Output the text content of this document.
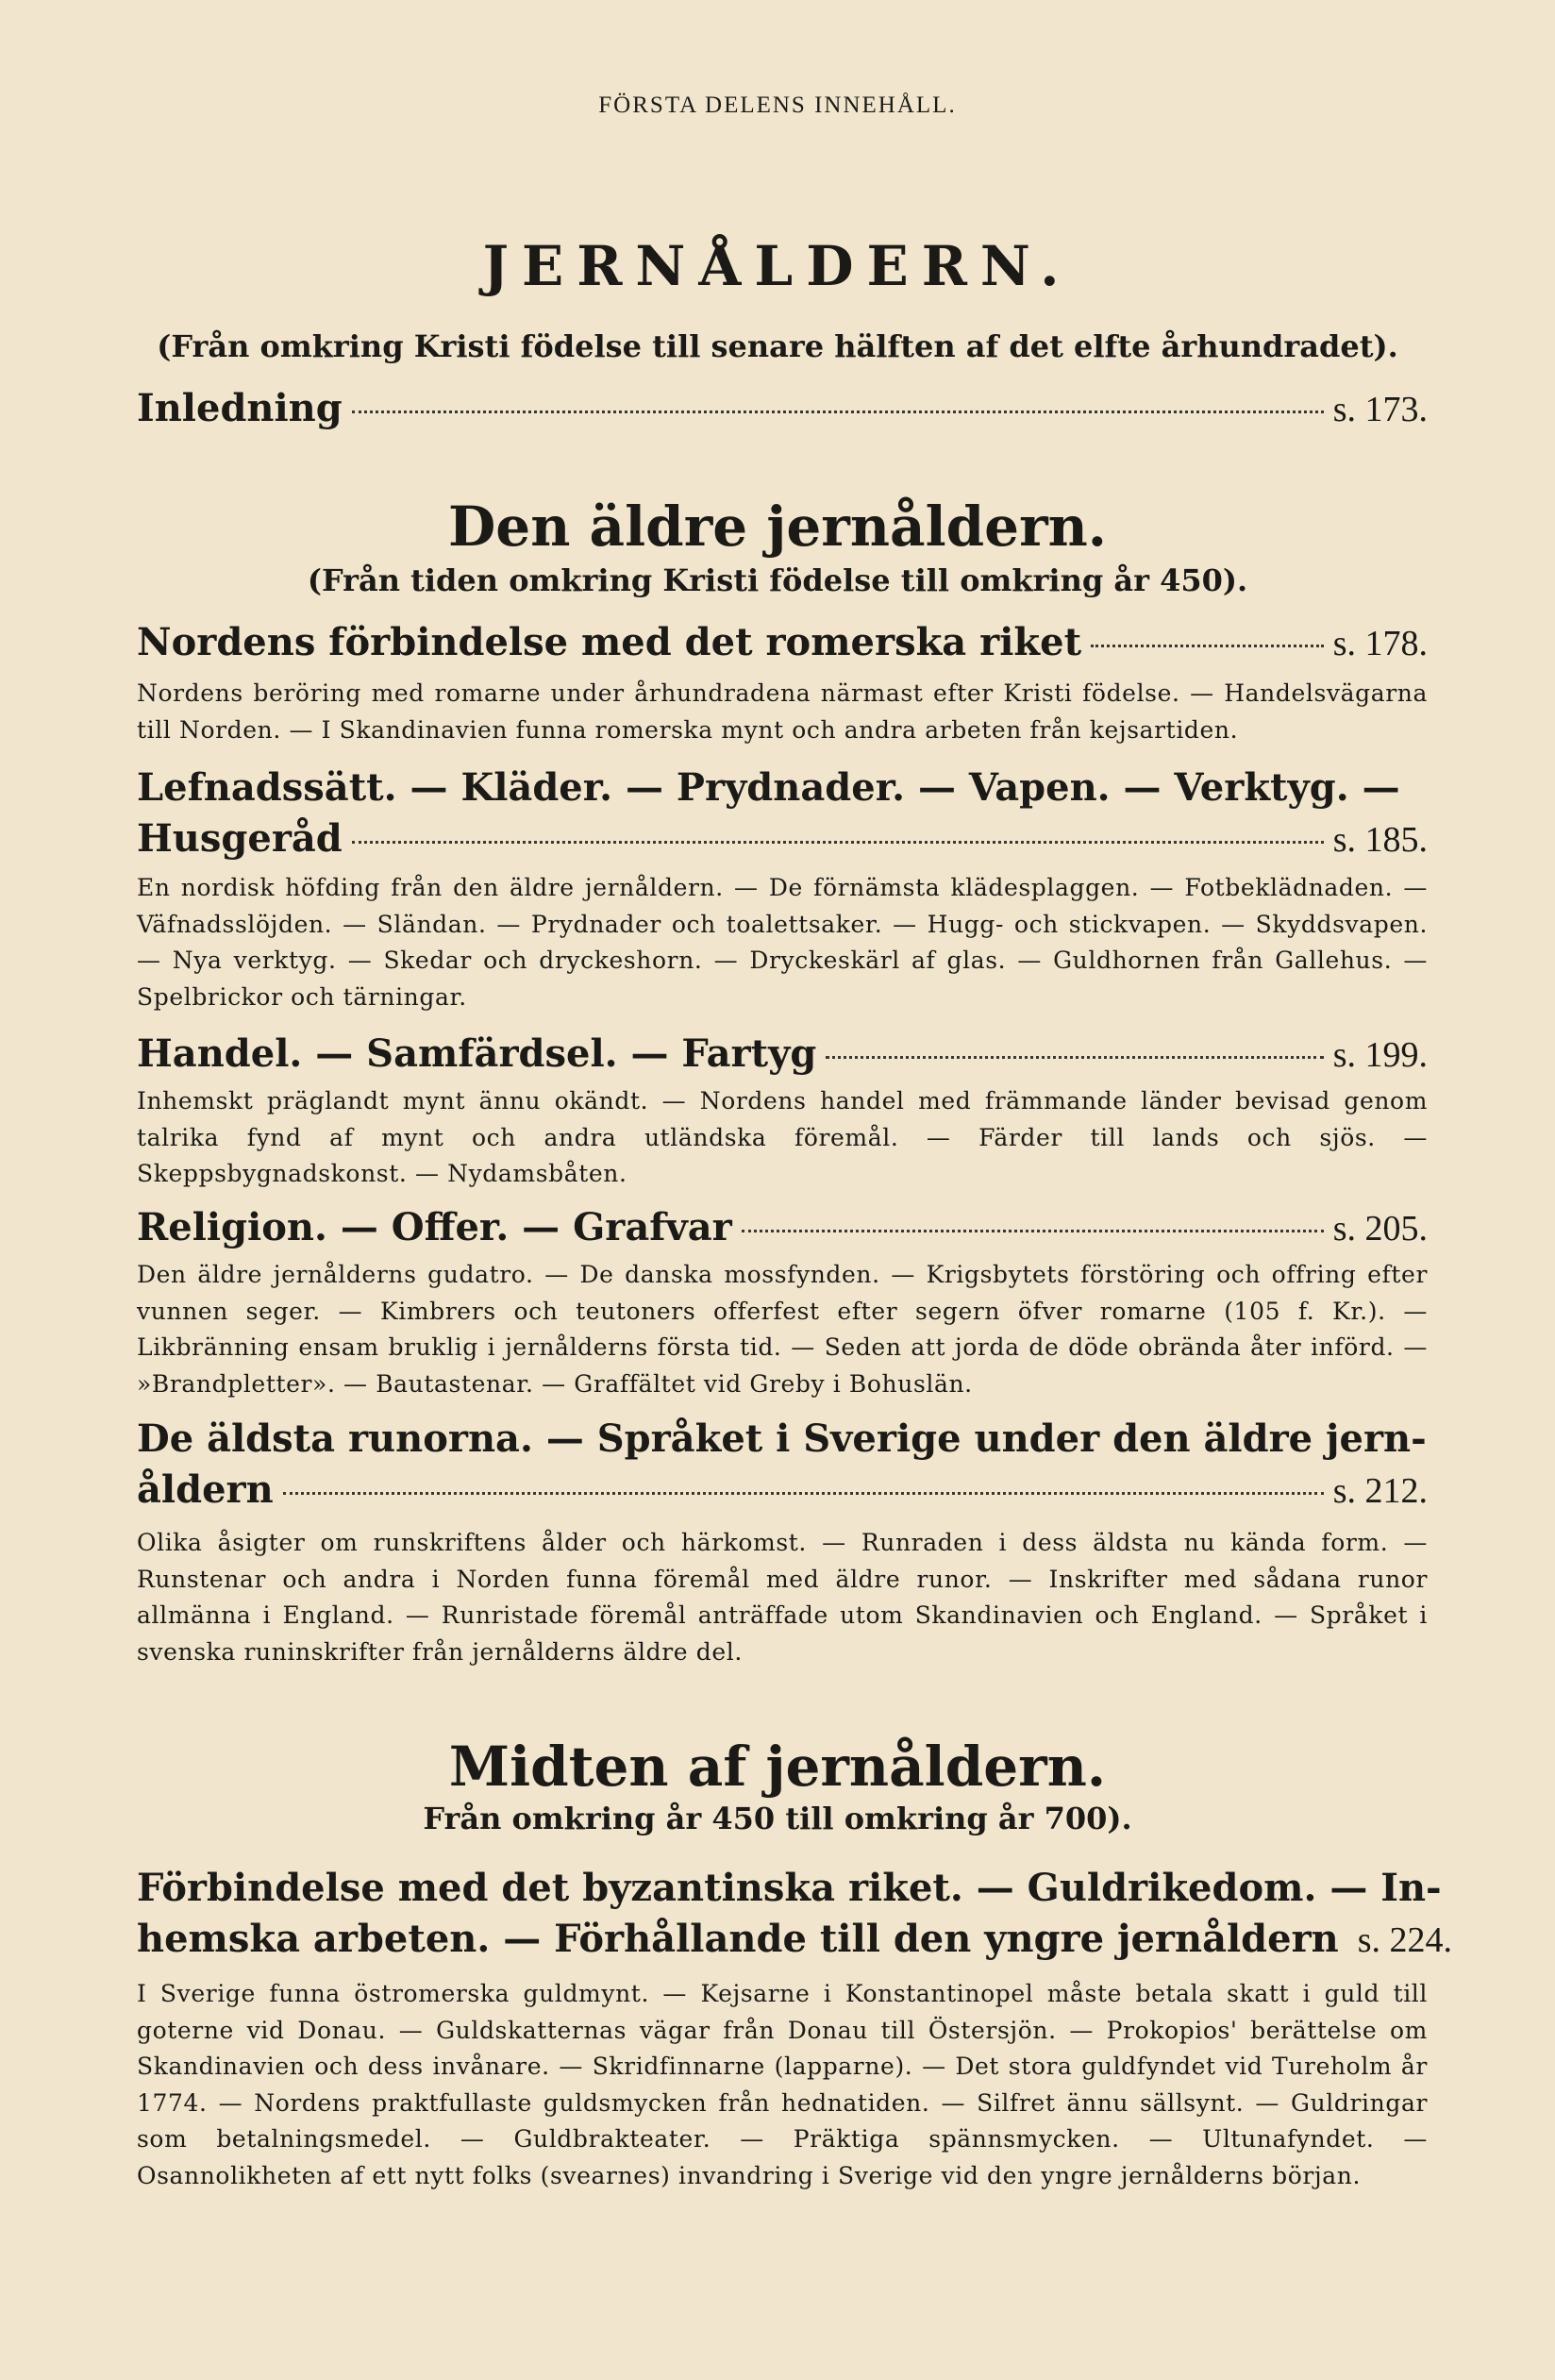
FÖRSTA DELENS INNEHÅLL.
JERNÅLDERN.
(Från omkring Kristi födelse till senare hälften af det elfte århundradet).
Inledning	s. 173.
Den äldre jernåldern.
(Från tiden omkring Kristi födelse till omkring år 450).
Nordens förbindelse med det romerska riket	s. 178.
Nordens beröring med romarne under århundradena närmast efter Kristi födelse. — Handelsvägarna till Norden. — I Skandinavien funna romerska mynt och andra arbeten från kejsartiden.
Lefnadssätt. — Kläder. — Prydnader. — Vapen. — Verktyg. —
Husgeråd	s. 185.
En nordisk höfding från den äldre jernåldern. — De förnämsta klädesplaggen. — Fotbeklädnaden. — Väfnadsslöjden. — Sländan. — Prydnader och toalettsaker. — Hugg- och stickvapen. — Skyddsvapen. — Nya verktyg. — Skedar och dryckeshorn. — Dryckeskärl af glas. — Guldhornen från Gallehus. — Spelbrickor och tärningar.
Handel. — Samfärdsel. — Fartyg	s. 199.
Inhemskt präglandt mynt ännu okändt. — Nordens handel med främmande länder bevisad genom talrika fynd af mynt och andra utländska föremål. — Färder till lands och sjös. — Skeppsbygnadskonst. — Nydamsbåten.
Religion. — Offer. — Grafvar	s. 205.
Den äldre jernålderns gudatro. — De danska mossfynden. — Krigsbytets förstöring och offring efter vunnen seger. — Kimbrers och teutoners offerfest efter segern öfver romarne (105 f. Kr.). — Likbränning ensam bruklig i jernålderns första tid. — Seden att jorda de döde obrända åter införd. — »Brandpletter». — Bautastenar. — Graffältet vid Greby i Bohuslän.
De äldsta runorna. — Språket i Sverige under den äldre jern-
åldern	s. 212.
Olika åsigter om runskriftens ålder och härkomst. — Runraden i dess äldsta nu kända form. — Runstenar och andra i Norden funna föremål med äldre runor. — Inskrifter med sådana runor allmänna i England. — Runristade föremål anträffade utom Skandinavien och England. — Språket i svenska runinskrifter från jernålderns äldre del.
Midten af jernåldern.
Från omkring år 450 till omkring år 700).
Förbindelse med det byzantinska riket. — Guldrikedom. — In-
hemska arbeten. — Förhållande till den yngre jernåldern s. 224.
I Sverige funna östromerska guldmynt. — Kejsarne i Konstantinopel måste betala skatt i guld till goterne vid Donau. — Guldskatternas vägar från Donau till Östersjön. — Prokopios' berättelse om Skandinavien och dess invånare. — Skridfinnarne (lapparne). — Det stora guldfyndet vid Tureholm år 1774. — Nordens praktfullaste guldsmycken från hednatiden. — Silfret ännu sällsynt. — Guldringar som betalningsmedel. — Guldbrakteater. — Präktiga spännsmycken. — Ultunafyndet. — Osannolikheten af ett nytt folks (svearnes) invandring i Sverige vid den yngre jernålderns början.
